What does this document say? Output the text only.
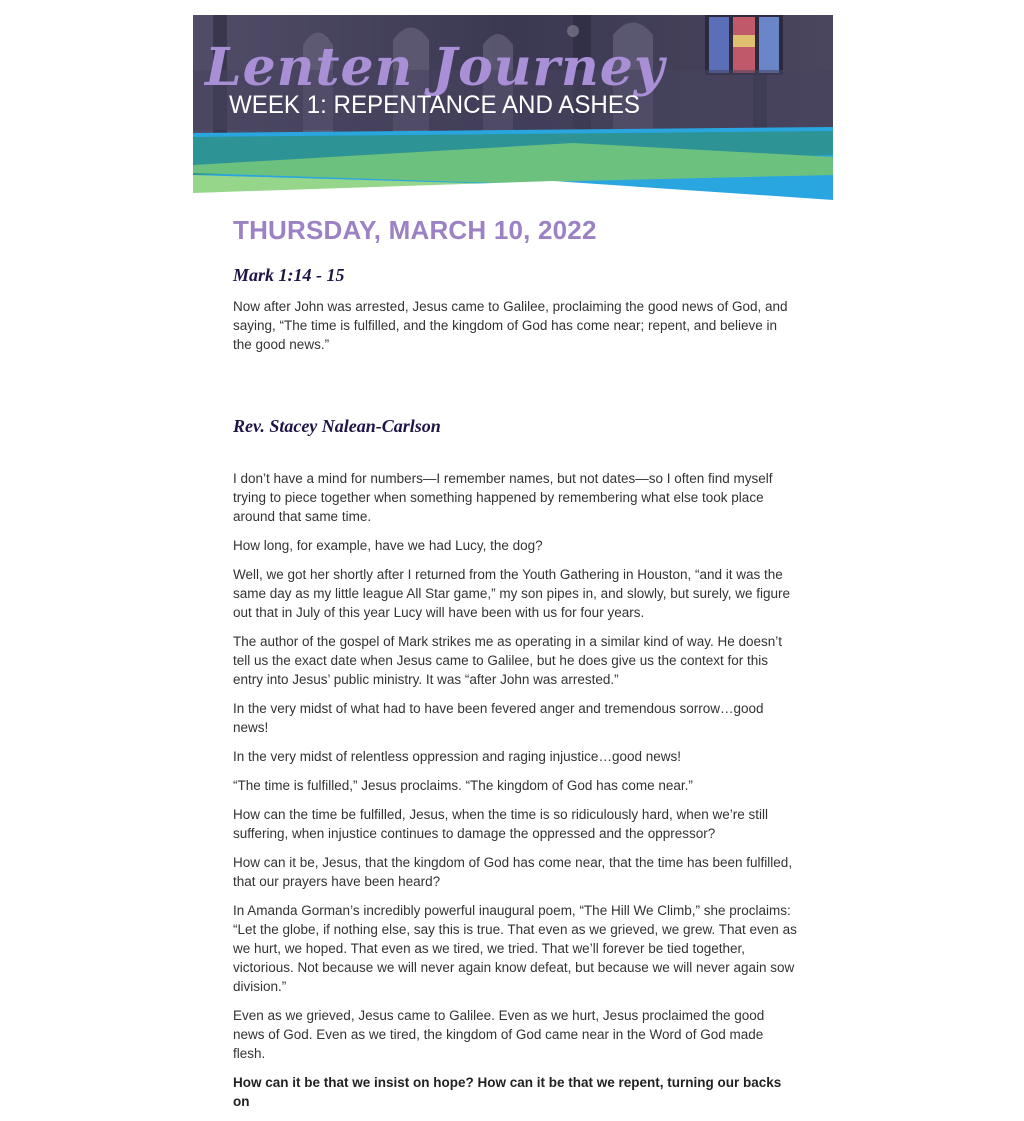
Lenten Journey
WEEK 1: REPENTANCE AND ASHES
THURSDAY, MARCH 10, 2022
Mark 1:14 - 15

Now after John was arrested, Jesus came to Galilee, proclaiming the good news of God, and saying, “The time is fulfilled, and the kingdom of God has come near; repent, and believe in the good news.”

Rev. Stacey Nalean-Carlson

I don’t have a mind for numbers—I remember names, but not dates—so I often find myself trying to piece together when something happened by remembering what else took place around that same time.

How long, for example, have we had Lucy, the dog?

Well, we got her shortly after I returned from the Youth Gathering in Houston, “and it was the same day as my little league All Star game,” my son pipes in, and slowly, but surely, we figure out that in July of this year Lucy will have been with us for four years.

The author of the gospel of Mark strikes me as operating in a similar kind of way. He doesn’t tell us the exact date when Jesus came to Galilee, but he does give us the context for this entry into Jesus’ public ministry. It was “after John was arrested.”

In the very midst of what had to have been fevered anger and tremendous sorrow…good news!

In the very midst of relentless oppression and raging injustice…good news!

“The time is fulfilled,” Jesus proclaims. “The kingdom of God has come near.”

How can the time be fulfilled, Jesus, when the time is so ridiculously hard, when we’re still suffering, when injustice continues to damage the oppressed and the oppressor?

How can it be, Jesus, that the kingdom of God has come near, that the time has been fulfilled, that our prayers have been heard?

In Amanda Gorman’s incredibly powerful inaugural poem, “The Hill We Climb,” she proclaims: “Let the globe, if nothing else, say this is true. That even as we grieved, we grew. That even as we hurt, we hoped. That even as we tired, we tried. That we’ll forever be tied together, victorious. Not because we will never again know defeat, but because we will never again sow division.”

Even as we grieved, Jesus came to Galilee. Even as we hurt, Jesus proclaimed the good news of God. Even as we tired, the kingdom of God came near in the Word of God made flesh.

How can it be that we insist on hope? How can it be that we repent, turning our backs on
